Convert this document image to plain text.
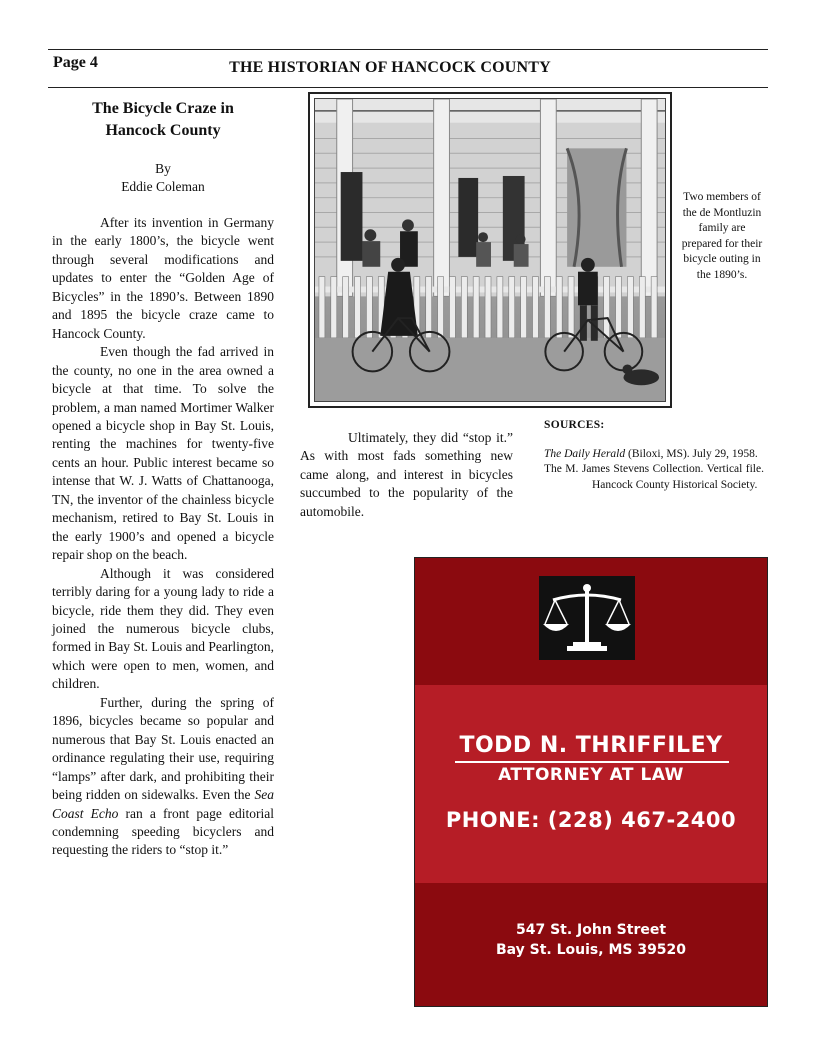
Page 4	THE HISTORIAN OF HANCOCK COUNTY
The Bicycle Craze in
Hancock County
By
Eddie Coleman

After its invention in Germany in the early 1800’s, the bicycle went through several modifications and updates to enter the “Golden Age of Bicycles” in the 1890’s. Between 1890 and 1895 the bicycle craze came to Hancock County.

Even though the fad arrived in the county, no one in the area owned a bicycle at that time. To solve the problem, a man named Mortimer Walker opened a bicycle shop in Bay St. Louis, renting the machines for twenty-five cents an hour. Public interest became so intense that W. J. Watts of Chattanooga, TN, the inventor of the chainless bicycle mechanism, retired to Bay St. Louis in the early 1900’s and opened a bicycle repair shop on the beach.

Although it was considered terribly daring for a young lady to ride a bicycle, ride them they did. They even joined the numerous bicycle clubs, formed in Bay St. Louis and Pearlington, which were open to men, women, and children.

Further, during the spring of 1896, bicycles became so popular and numerous that Bay St. Louis enacted an ordinance regulating their use, requiring “lamps” after dark, and prohibiting their being ridden on sidewalks. Even the Sea Coast Echo ran a front page editorial condemning speeding bicyclers and requesting the riders to “stop it.”

Two members of the de Montluzin family are prepared for their bicycle outing in the 1890’s.

Ultimately, they did “stop it.” As with most fads something new came along, and interest in bicycles succumbed to the popularity of the automobile.

SOURCES:
The Daily Herald (Biloxi, MS). July 29, 1958.
The M. James Stevens Collection. Vertical file. Hancock County Historical Society.
TODD N. THRIFFILEY
ATTORNEY AT LAW
PHONE: (228) 467-2400
547 St. John Street
Bay St. Louis, MS 39520
